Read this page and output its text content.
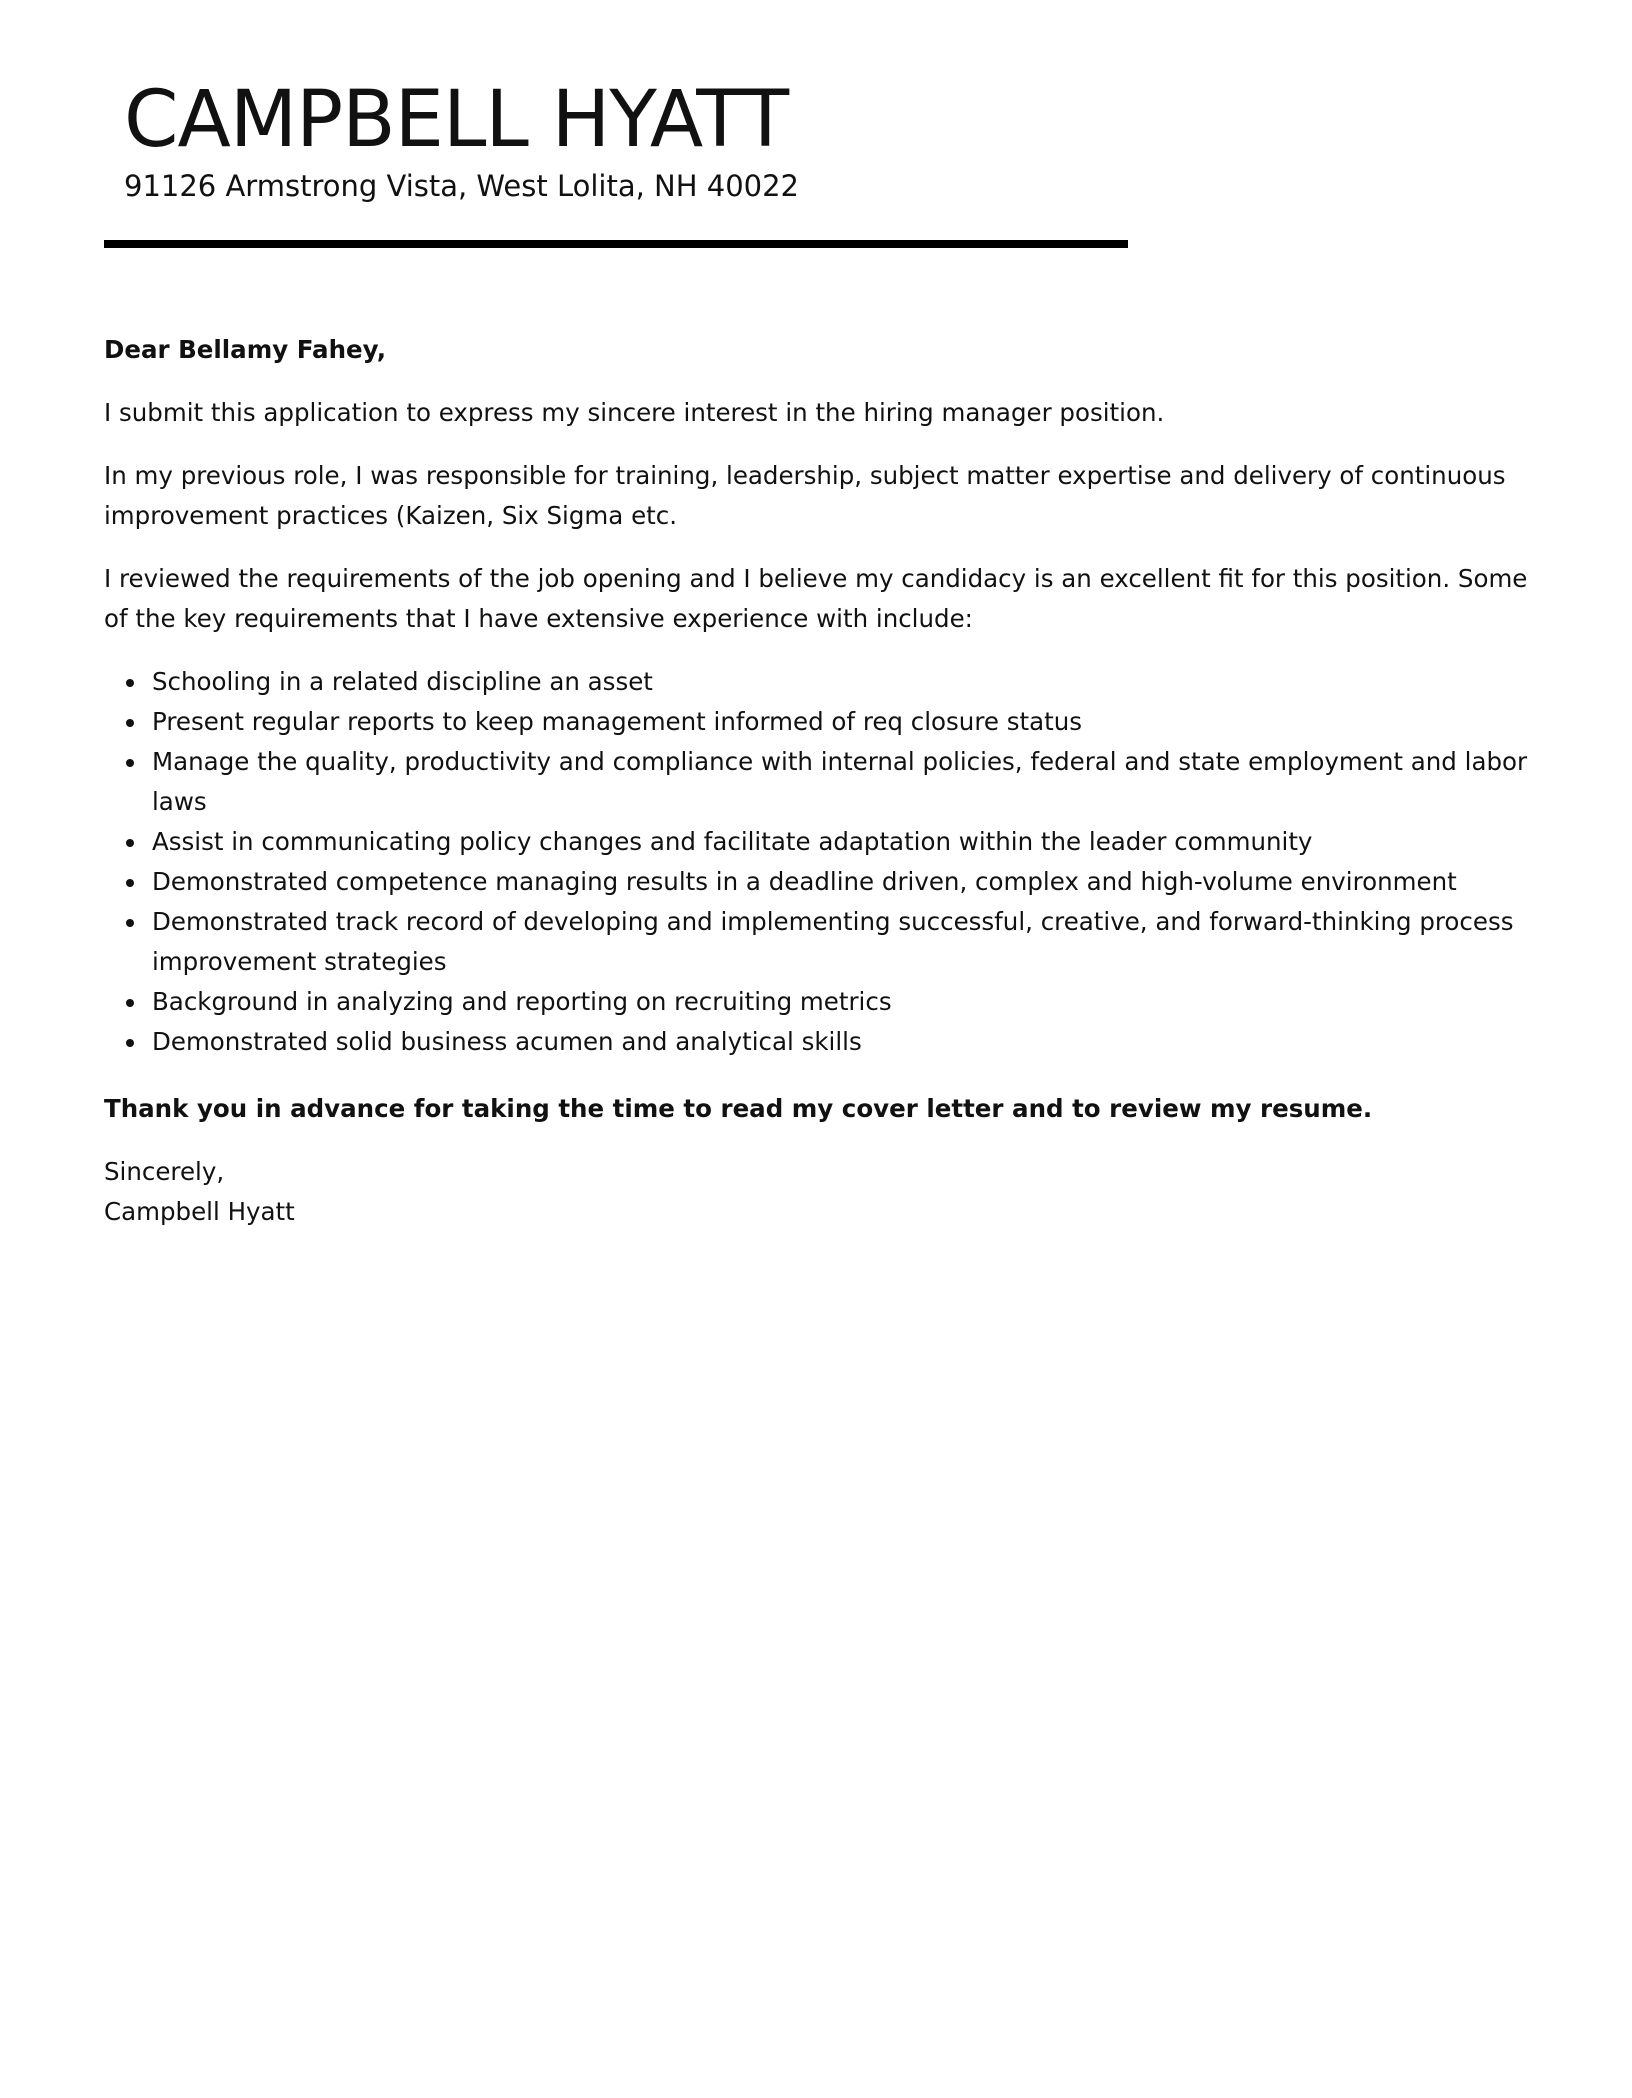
CAMPBELL HYATT
91126 Armstrong Vista, West Lolita, NH 40022

Dear Bellamy Fahey,

I submit this application to express my sincere interest in the hiring manager position.

In my previous role, I was responsible for training, leadership, subject matter expertise and delivery of continuous improvement practices (Kaizen, Six Sigma etc.

I reviewed the requirements of the job opening and I believe my candidacy is an excellent fit for this position. Some of the key requirements that I have extensive experience with include:

Schooling in a related discipline an asset
Present regular reports to keep management informed of req closure status
Manage the quality, productivity and compliance with internal policies, federal and state employment and labor laws
Assist in communicating policy changes and facilitate adaptation within the leader community
Demonstrated competence managing results in a deadline driven, complex and high-volume environment
Demonstrated track record of developing and implementing successful, creative, and forward-thinking process improvement strategies
Background in analyzing and reporting on recruiting metrics
Demonstrated solid business acumen and analytical skills

Thank you in advance for taking the time to read my cover letter and to review my resume.

Sincerely,
Campbell Hyatt
